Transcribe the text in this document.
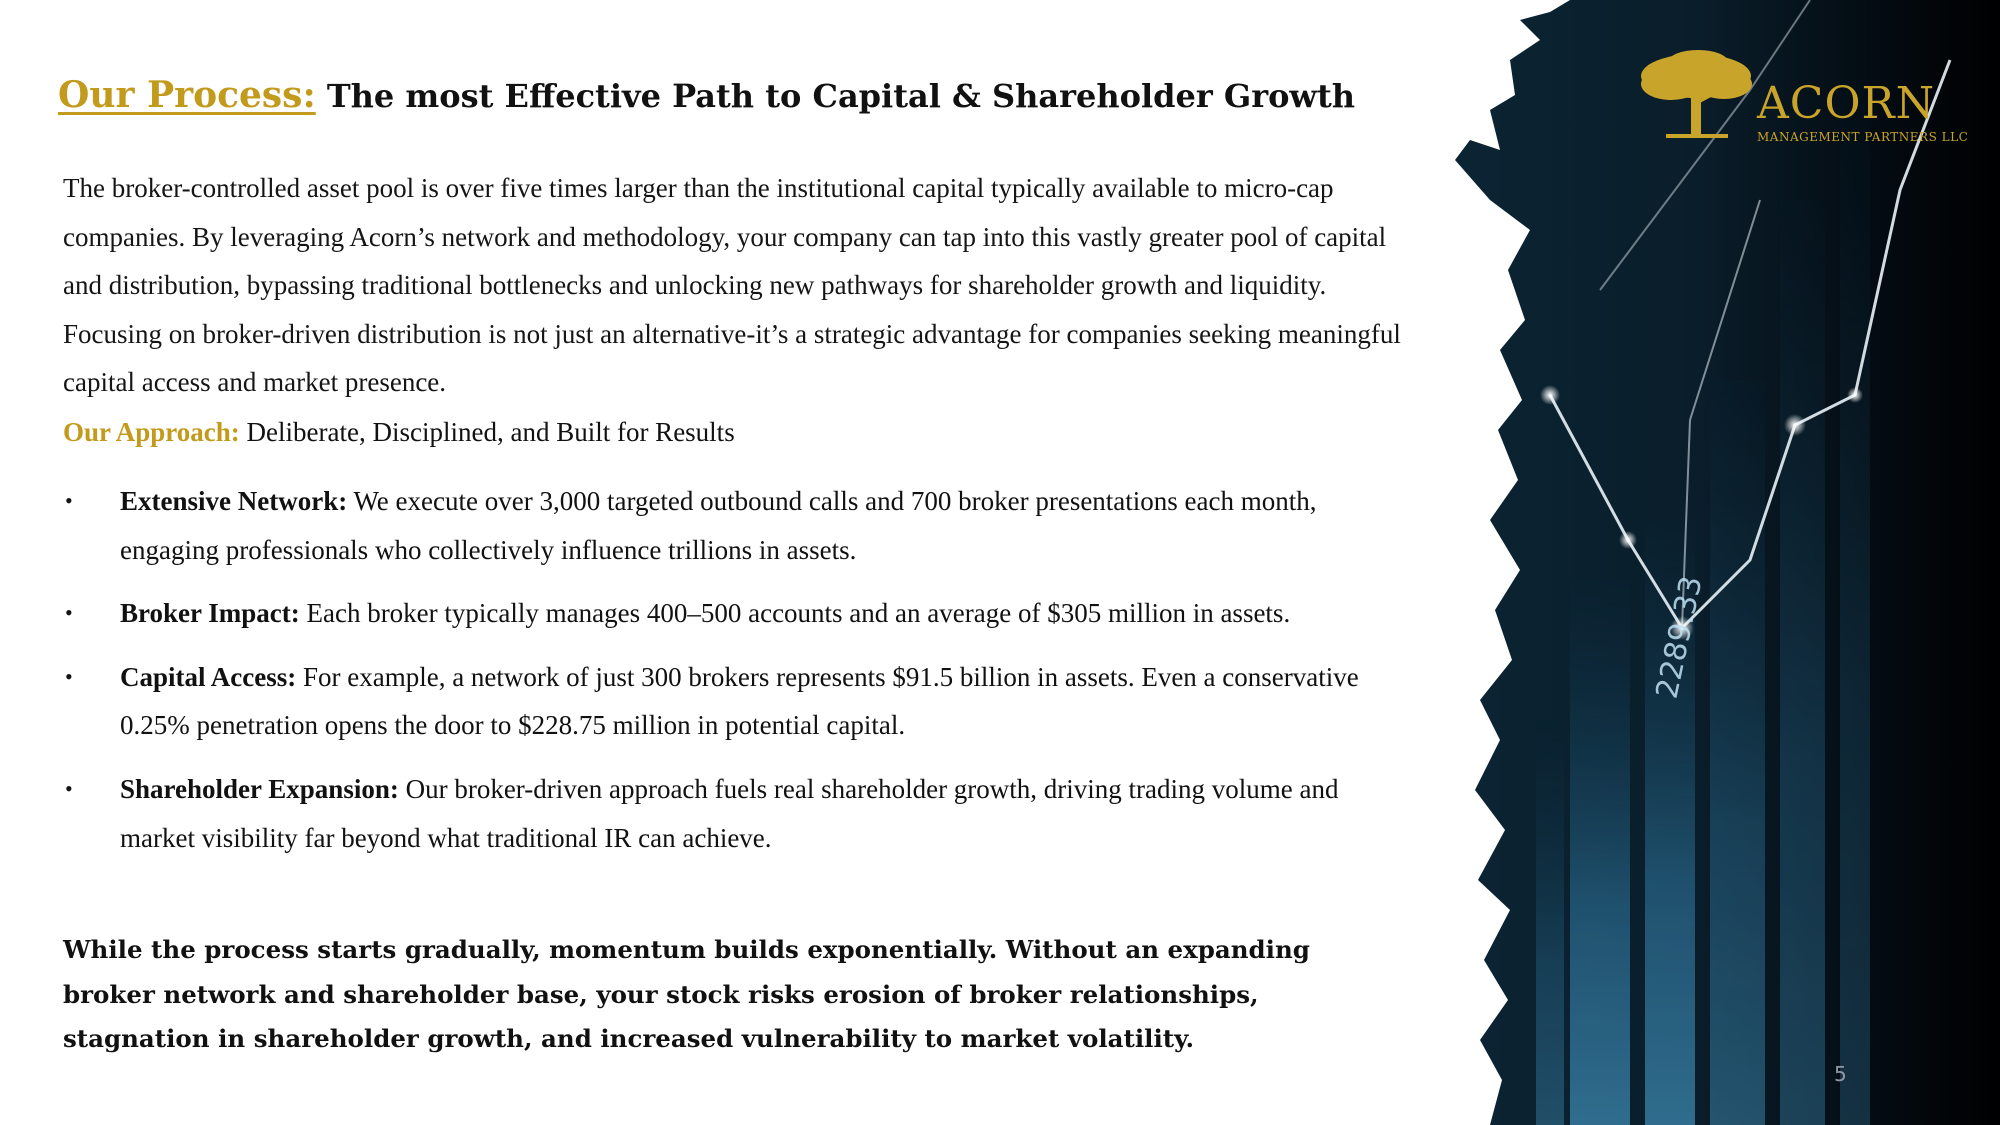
Our Process: The most Effective Path to Capital & Shareholder Growth

The broker-controlled asset pool is over five times larger than the institutional capital typically available to micro-cap companies. By leveraging Acorn’s network and methodology, your company can tap into this vastly greater pool of capital and distribution, bypassing traditional bottlenecks and unlocking new pathways for shareholder growth and liquidity. Focusing on broker-driven distribution is not just an alternative-it’s a strategic advantage for companies seeking meaningful capital access and market presence.

Our Approach: Deliberate, Disciplined, and Built for Results
• Extensive Network: We execute over 3,000 targeted outbound calls and 700 broker presentations each month, engaging professionals who collectively influence trillions in assets.
• Broker Impact: Each broker typically manages 400–500 accounts and an average of $305 million in assets.
• Capital Access: For example, a network of just 300 brokers represents $91.5 billion in assets. Even a conservative 0.25% penetration opens the door to $228.75 million in potential capital.
• Shareholder Expansion: Our broker-driven approach fuels real shareholder growth, driving trading volume and market visibility far beyond what traditional IR can achieve.

While the process starts gradually, momentum builds exponentially. Without an expanding broker network and shareholder base, your stock risks erosion of broker relationships, stagnation in shareholder growth, and increased vulnerability to market volatility.

2289.33
ACORN
MANAGEMENT PARTNERS LLC
5
